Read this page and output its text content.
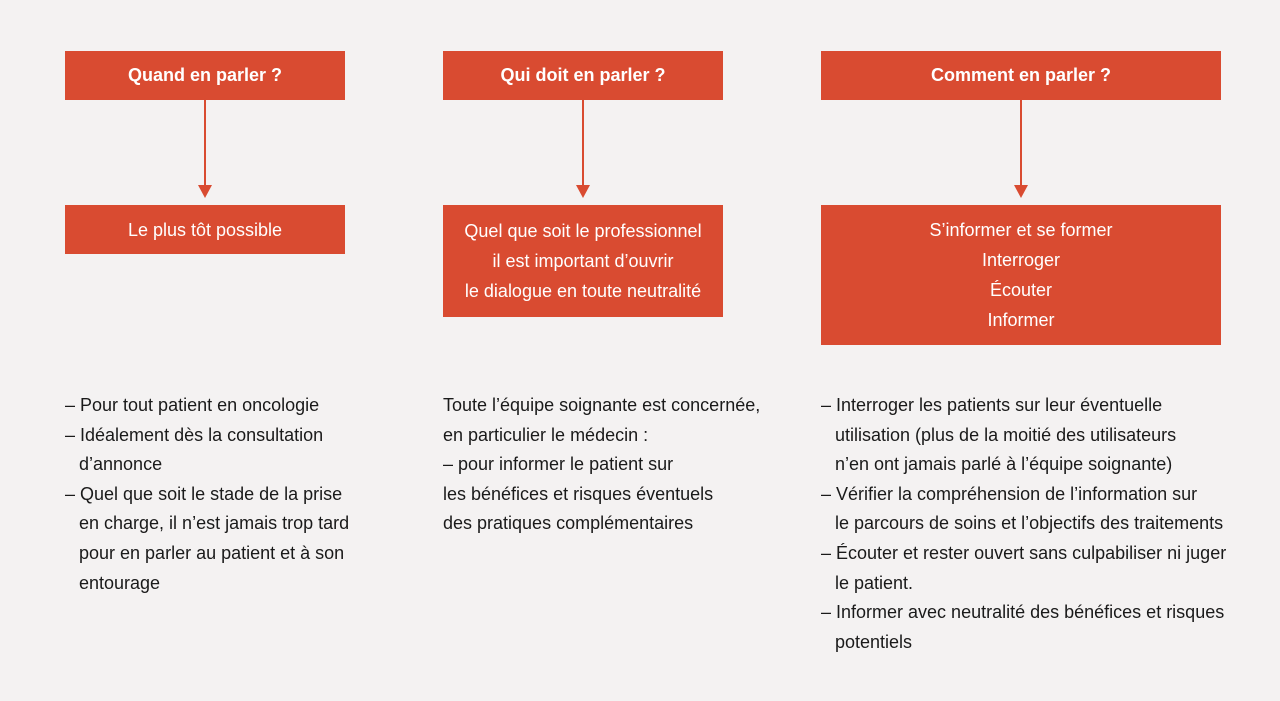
Quand en parler ?
Le plus tôt possible
– Pour tout patient en oncologie
– Idéalement dès la consultation
d’annonce
– Quel que soit le stade de la prise
en charge, il n’est jamais trop tard
pour en parler au patient et à son
entourage
Qui doit en parler ?
Quel que soit le professionnel
il est important d’ouvrir
le dialogue en toute neutralité
Toute l’équipe soignante est concernée,
en particulier le médecin :
– pour informer le patient sur
les bénéfices et risques éventuels
des pratiques complémentaires
Comment en parler ?
S’informer et se former
Interroger
Écouter
Informer
– Interroger les patients sur leur éventuelle
utilisation (plus de la moitié des utilisateurs
n’en ont jamais parlé à l’équipe soignante)
– Vérifier la compréhension de l’information sur
le parcours de soins et l’objectifs des traitements
– Écouter et rester ouvert sans culpabiliser ni juger
le patient.
– Informer avec neutralité des bénéfices et risques
potentiels
